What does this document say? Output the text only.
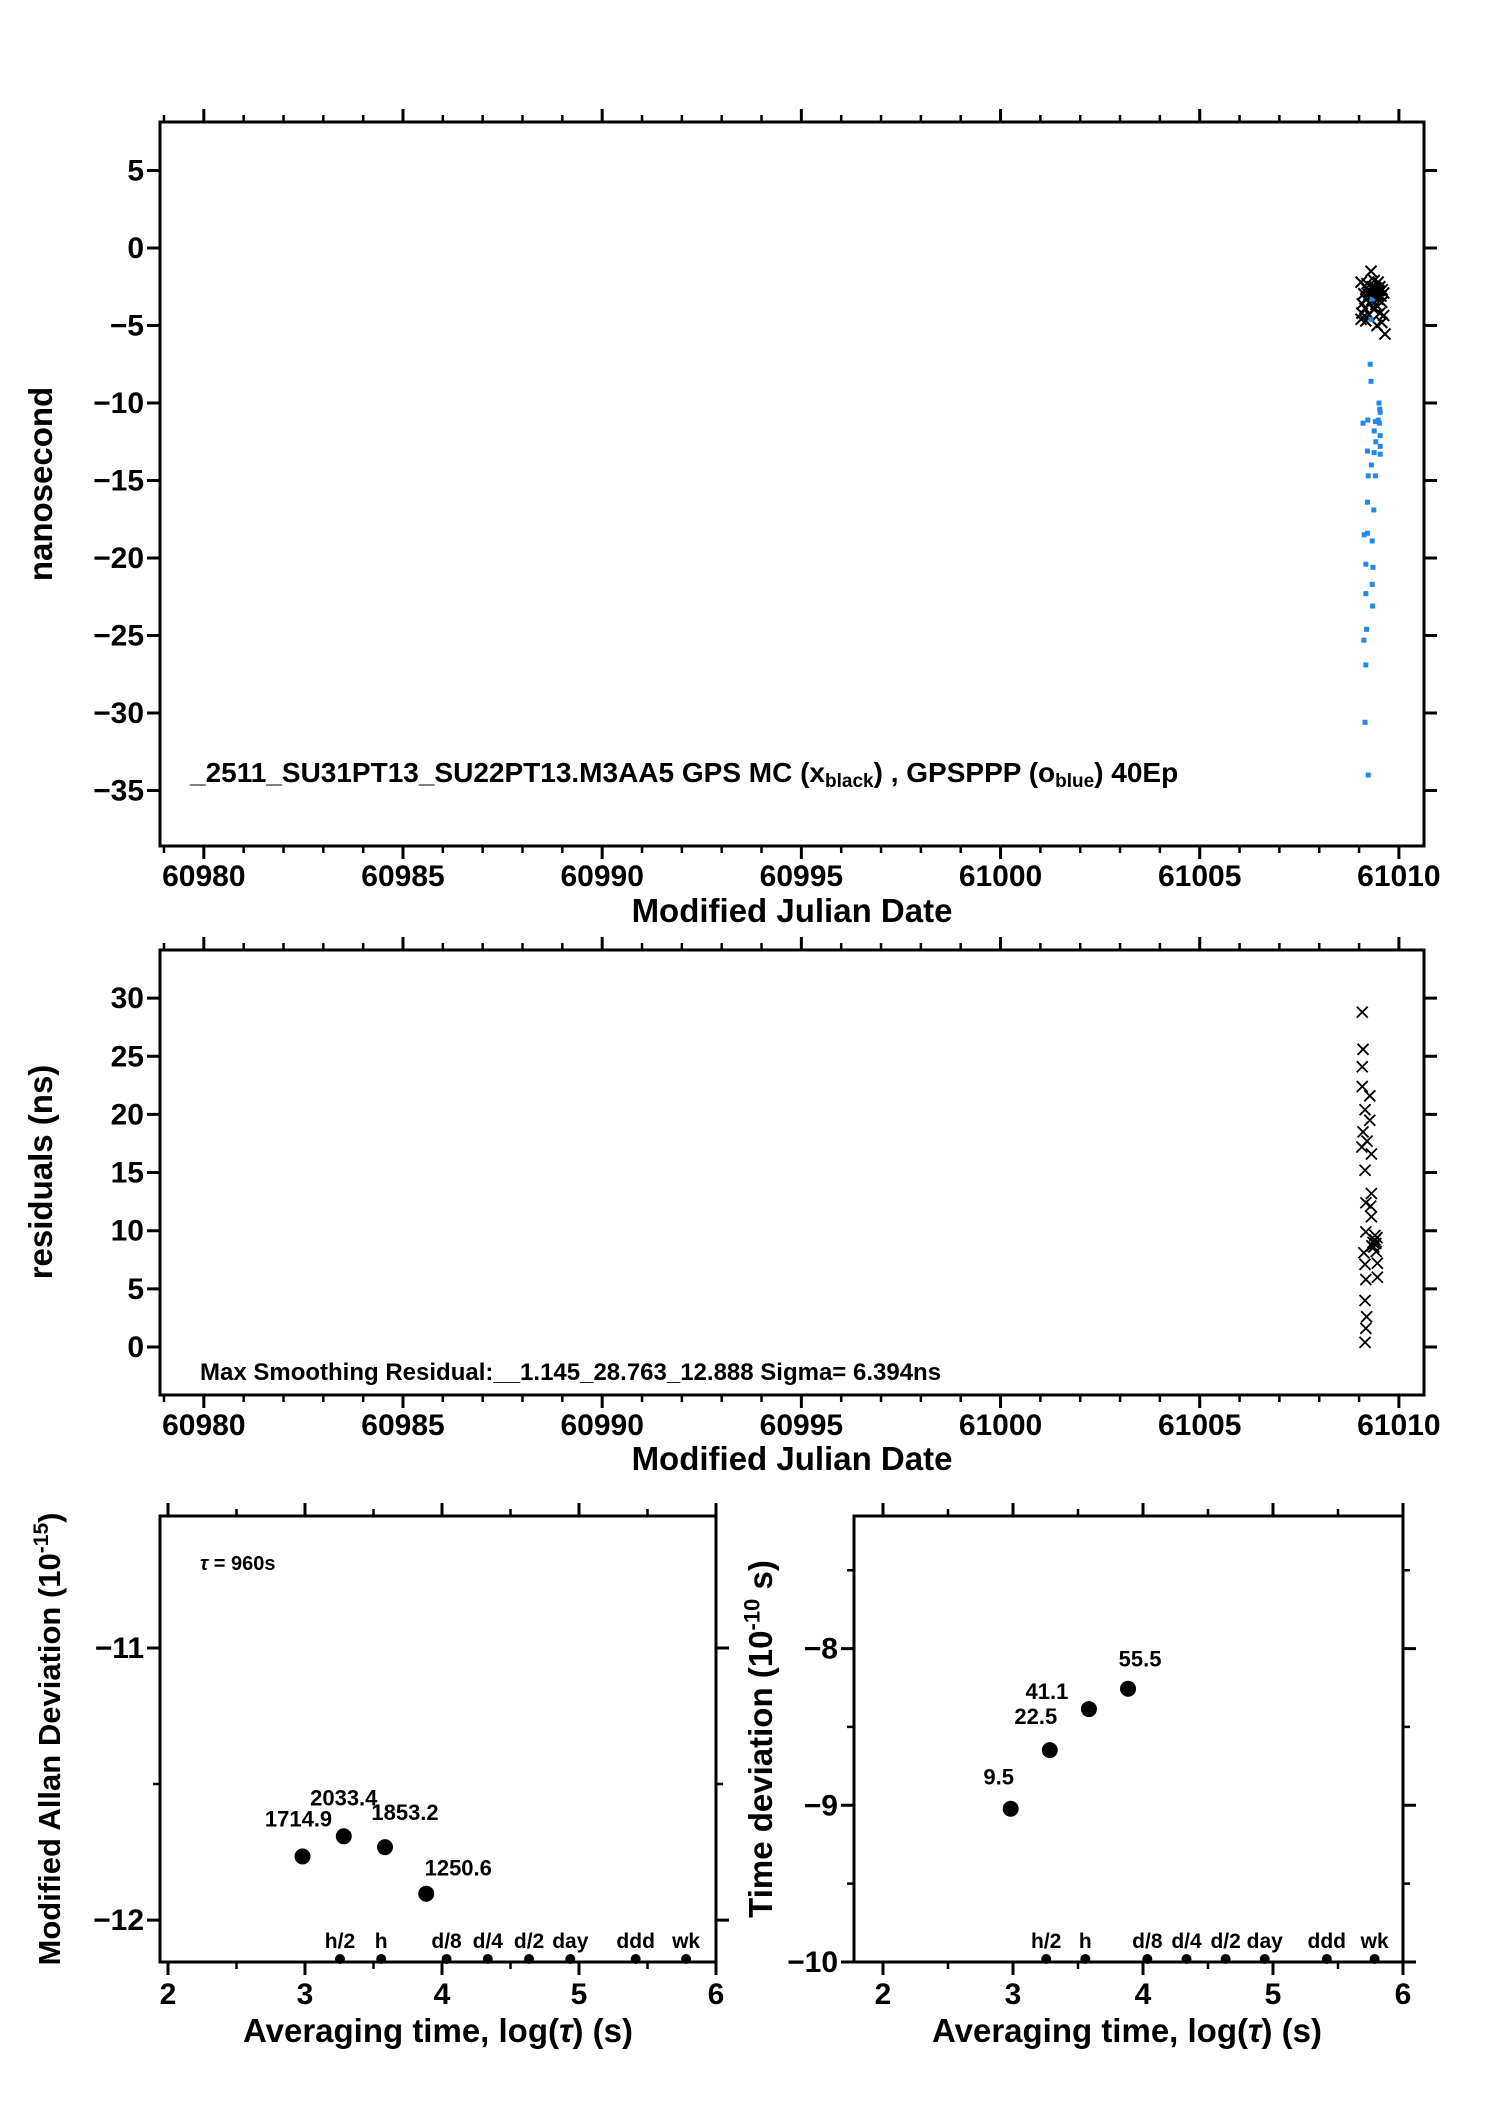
60980	60985	60990	60995	61000	61005	61010
5
0
−5
−10
−15
−20
−25
−30
−35
Modified Julian Date
nanosecond
_2511_SU31PT13_SU22PT13.M3AA5 GPS MC (xblack) , GPSPPP (oblue) 40Ep
60980	60985	60990	60995	61000	61005	61010
30
25
20
15
10
5
0
Modified Julian Date
residuals (ns)
Max Smoothing Residual:__1.145_28.763_12.888 Sigma= 6.394ns
1714.9
2033.4
1853.2
1250.6
h/2 h d/8 d/4 d/2 day ddd wk
2	3	4	5	6
−11
−12
Averaging time, log(τ) (s)
Modified Allan Deviation $(10^{-15})$
τ = 960s
9.5
22.5
41.1
55.5
h/2 h d/8 d/4 d/2 day ddd wk
2	3	4	5	6
−8
−9
−10
Averaging time, log(τ) (s)
Time deviation ($10^{-10}$ s)
